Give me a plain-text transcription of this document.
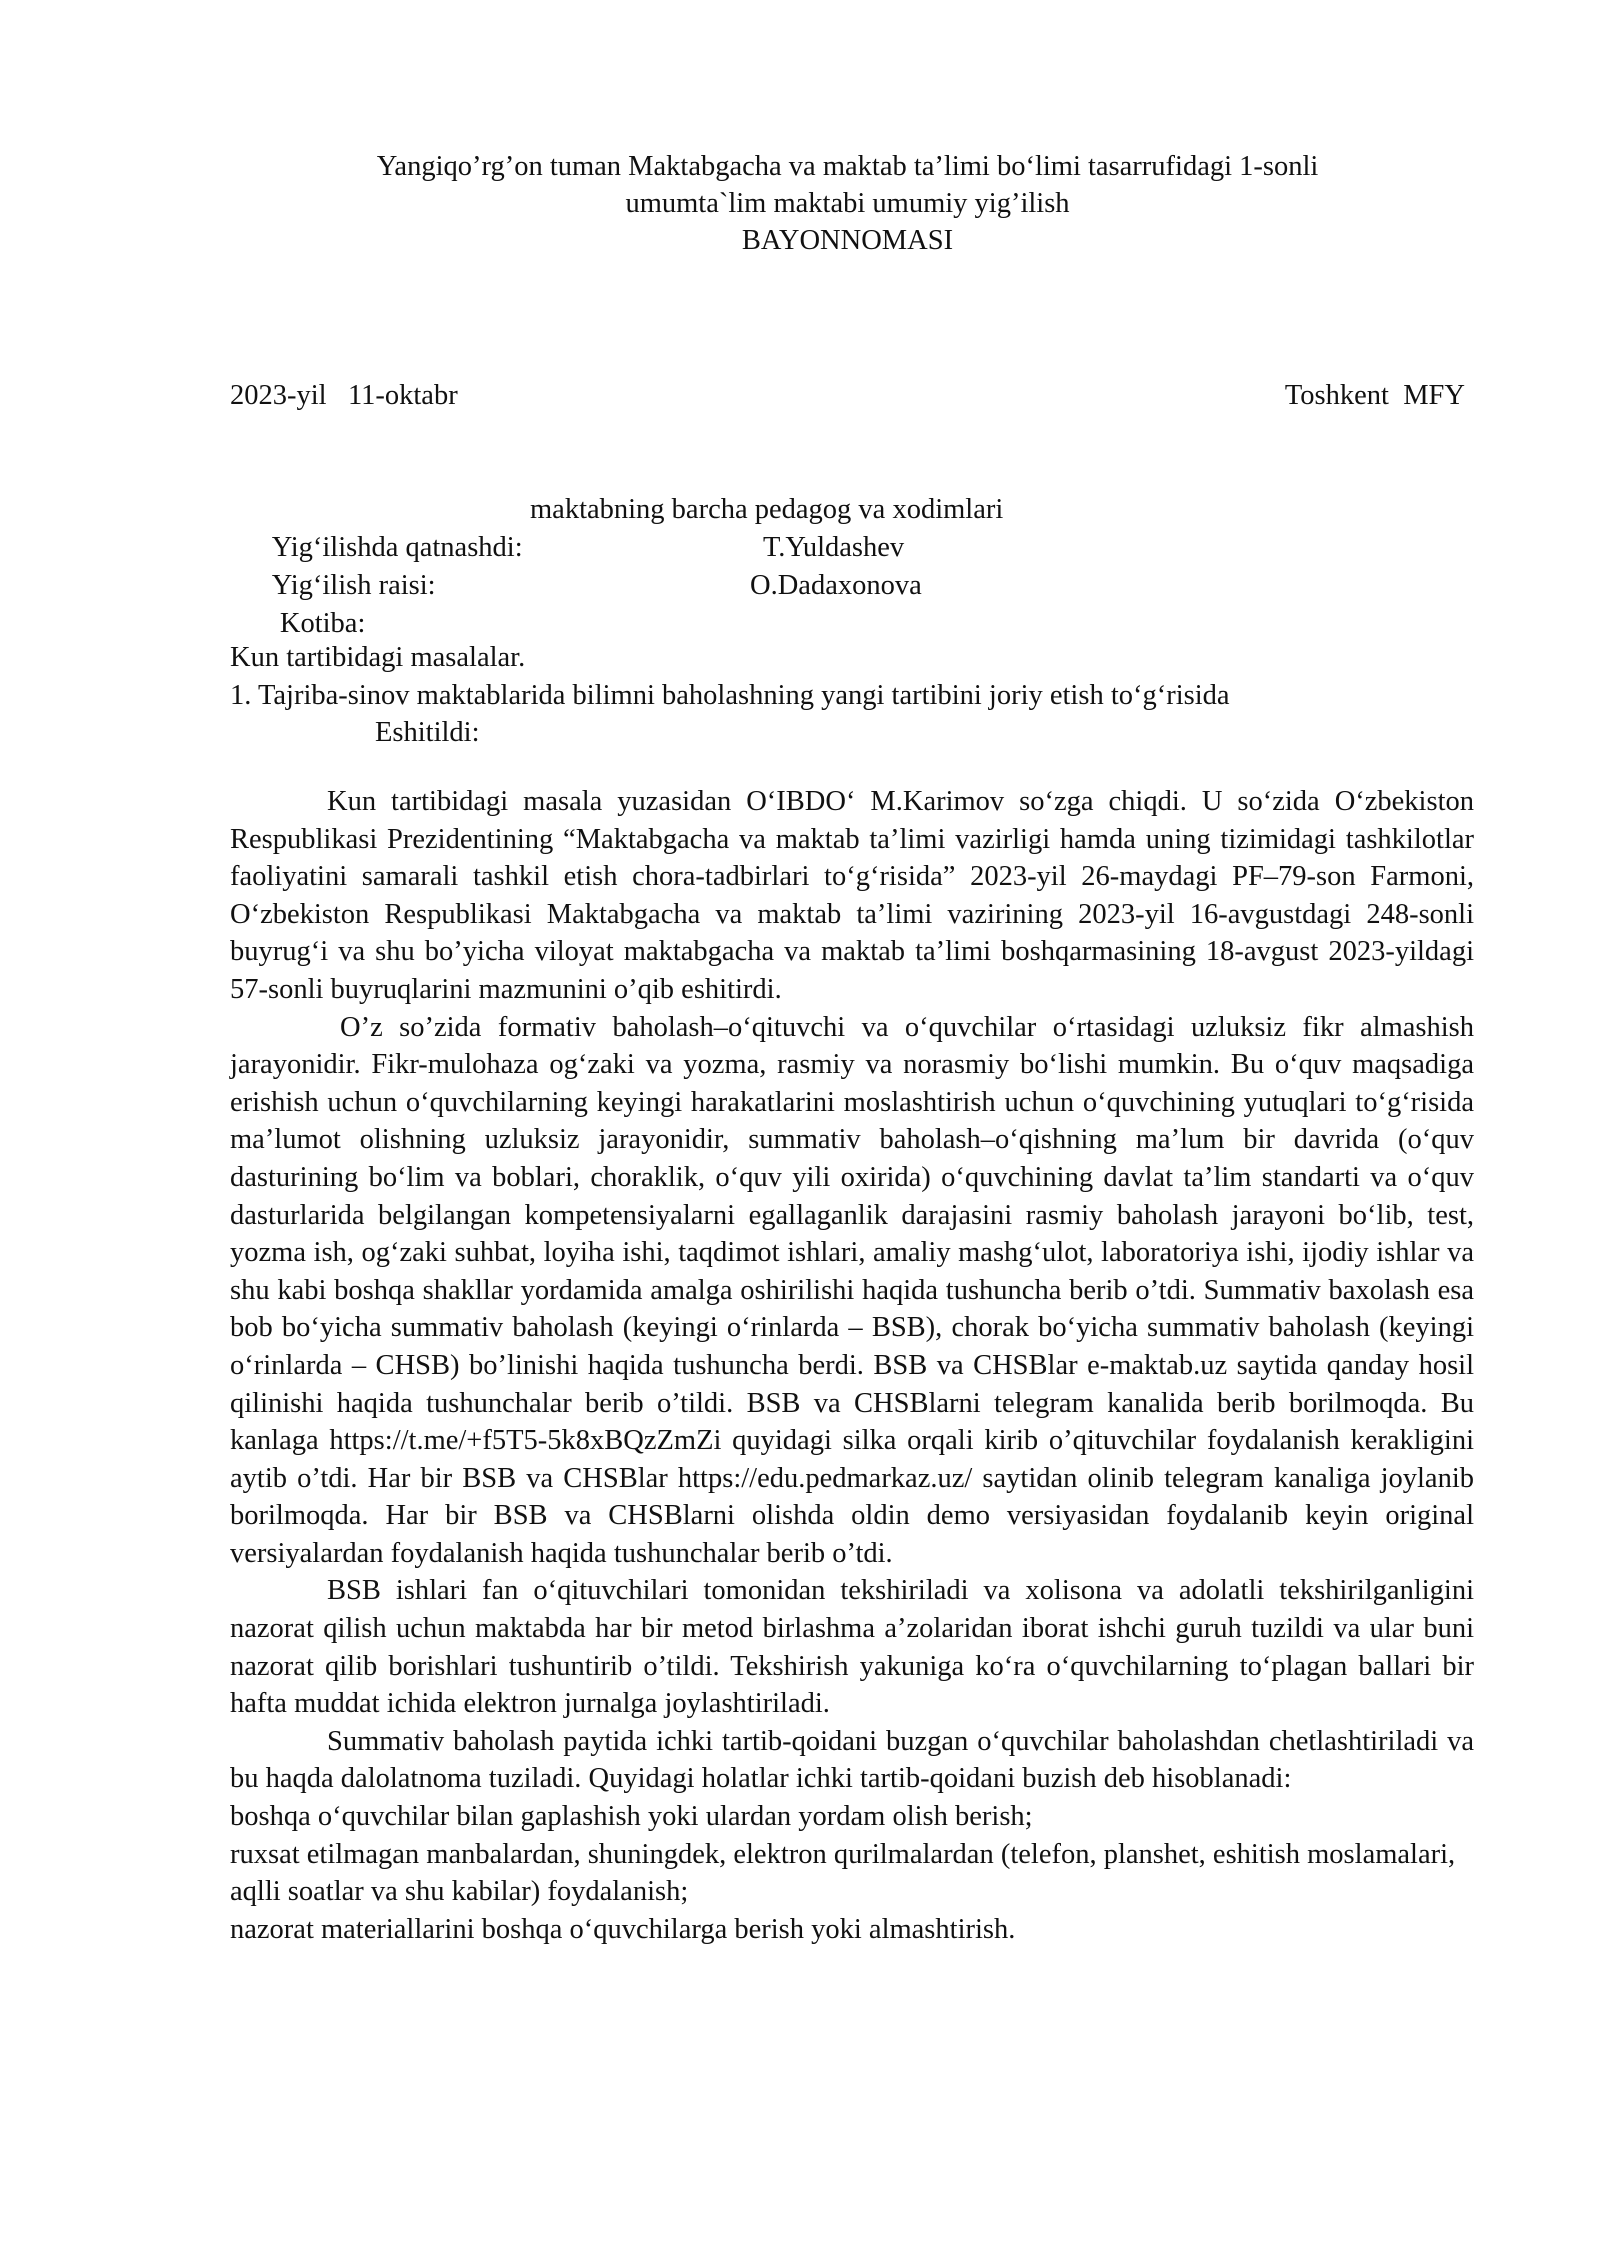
Yangiqo’rg’on tuman Maktabgacha va maktab ta’limi bo‘limi tasarrufidagi 1-sonli
umumta`lim maktabi umumiy yig’ilish
BAYONNOMASI
2023-yil   11-oktabr	Toshkent  MFY

Yig‘ilishda qatnashdi:

maktabning barcha pedagog va xodimlari

Yig‘ilish raisi:

T.Yuldashev

Kotiba:

O.Dadaxonova

Kun tartibidagi masalalar.
1. Tajriba-sinov maktablarida bilimni baholashning yangi tartibini joriy etish to‘g‘risida
Eshitildi:

Kun tartibidagi masala yuzasidan O‘IBDO‘ M.Karimov so‘zga chiqdi. U so‘zida O‘zbekiston Respublikasi Prezidentining “Maktabgacha va maktab ta’limi vazirligi hamda uning tizimidagi tashkilotlar faoliyatini samarali tashkil etish chora-tadbirlari to‘g‘risida” 2023-yil 26-maydagi PF–79-son Farmoni, O‘zbekiston Respublikasi Maktabgacha va maktab ta’limi vazirining 2023-yil 16-avgustdagi 248-sonli buyrug‘i va shu bo’yicha viloyat maktabgacha va maktab ta’limi boshqarmasining 18-avgust 2023-yildagi 57-sonli buyruqlarini mazmunini o’qib eshitirdi.

O’z so’zida formativ baholash–o‘qituvchi va o‘quvchilar o‘rtasidagi uzluksiz fikr almashish jarayonidir. Fikr-mulohaza og‘zaki va yozma, rasmiy va norasmiy bo‘lishi mumkin. Bu o‘quv maqsadiga erishish uchun o‘quvchilarning keyingi harakatlarini moslashtirish uchun o‘quvchining yutuqlari to‘g‘risida ma’lumot olishning uzluksiz jarayonidir, summativ baholash–o‘qishning ma’lum bir davrida (o‘quv dasturining bo‘lim va boblari, choraklik, o‘quv yili oxirida) o‘quvchining davlat ta’lim standarti va o‘quv dasturlarida belgilangan kompetensiyalarni egallaganlik darajasini rasmiy baholash jarayoni bo‘lib, test, yozma ish, og‘zaki suhbat, loyiha ishi, taqdimot ishlari, amaliy mashg‘ulot, laboratoriya ishi, ijodiy ishlar va shu kabi boshqa shakllar yordamida amalga oshirilishi haqida tushuncha berib o’tdi. Summativ baxolash esa bob bo‘yicha summativ baholash (keyingi o‘rinlarda – BSB), chorak bo‘yicha summativ baholash (keyingi o‘rinlarda – CHSB) bo’linishi haqida tushuncha berdi. BSB va CHSBlar e-maktab.uz saytida qanday hosil qilinishi haqida tushunchalar berib o’tildi. BSB va CHSBlarni telegram kanalida berib borilmoqda. Bu kanlaga https://t.me/+f5T5-5k8xBQzZmZi quyidagi silka orqali kirib o’qituvchilar foydalanish kerakligini aytib o’tdi. Har bir BSB va CHSBlar https://edu.pedmarkaz.uz/ saytidan olinib telegram kanaliga joylanib borilmoqda. Har bir BSB va CHSBlarni olishda oldin demo versiyasidan foydalanib keyin original versiyalardan foydalanish haqida tushunchalar berib o’tdi.

BSB ishlari fan o‘qituvchilari tomonidan tekshiriladi va xolisona va adolatli tekshirilganligini nazorat qilish uchun maktabda har bir metod birlashma a’zolaridan iborat ishchi guruh tuzildi va ular buni nazorat qilib borishlari tushuntirib o’tildi. Tekshirish yakuniga ko‘ra o‘quvchilarning to‘plagan ballari bir hafta muddat ichida elektron jurnalga joylashtiriladi.

Summativ baholash paytida ichki tartib-qoidani buzgan o‘quvchilar baholashdan chetlashtiriladi va bu haqda dalolatnoma tuziladi. Quyidagi holatlar ichki tartib-qoidani buzish deb hisoblanadi:

boshqa o‘quvchilar bilan gaplashish yoki ulardan yordam olish berish;

ruxsat etilmagan manbalardan, shuningdek, elektron qurilmalardan (telefon, planshet, eshitish moslamalari, aqlli soatlar va shu kabilar) foydalanish;

nazorat materiallarini boshqa o‘quvchilarga berish yoki almashtirish.
